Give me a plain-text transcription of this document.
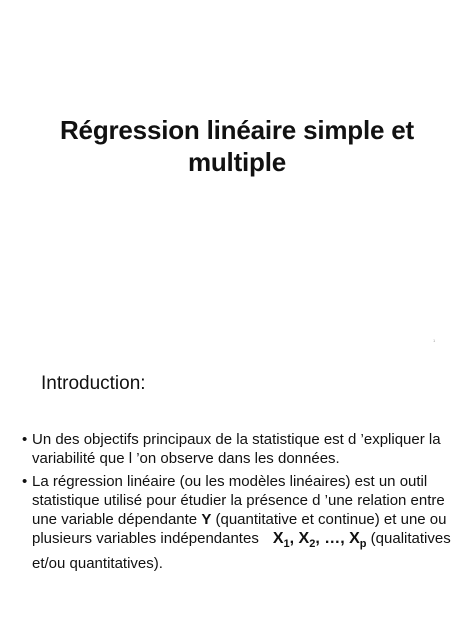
Régression linéaire simple et
multiple
1
Introduction:
• Un des objectifs principaux de la statistique est d ’expliquer la variabilité que l ’on observe dans les données.
• La régression linéaire (ou les modèles linéaires) est un outil statistique utilisé pour étudier la présence d ’une relation entre une variable dépendante Y (quantitative et continue) et une ou plusieurs variables indépendantes $X_1$, $X_2$, …, $X_p$ (qualitatives et/ou quantitatives).
